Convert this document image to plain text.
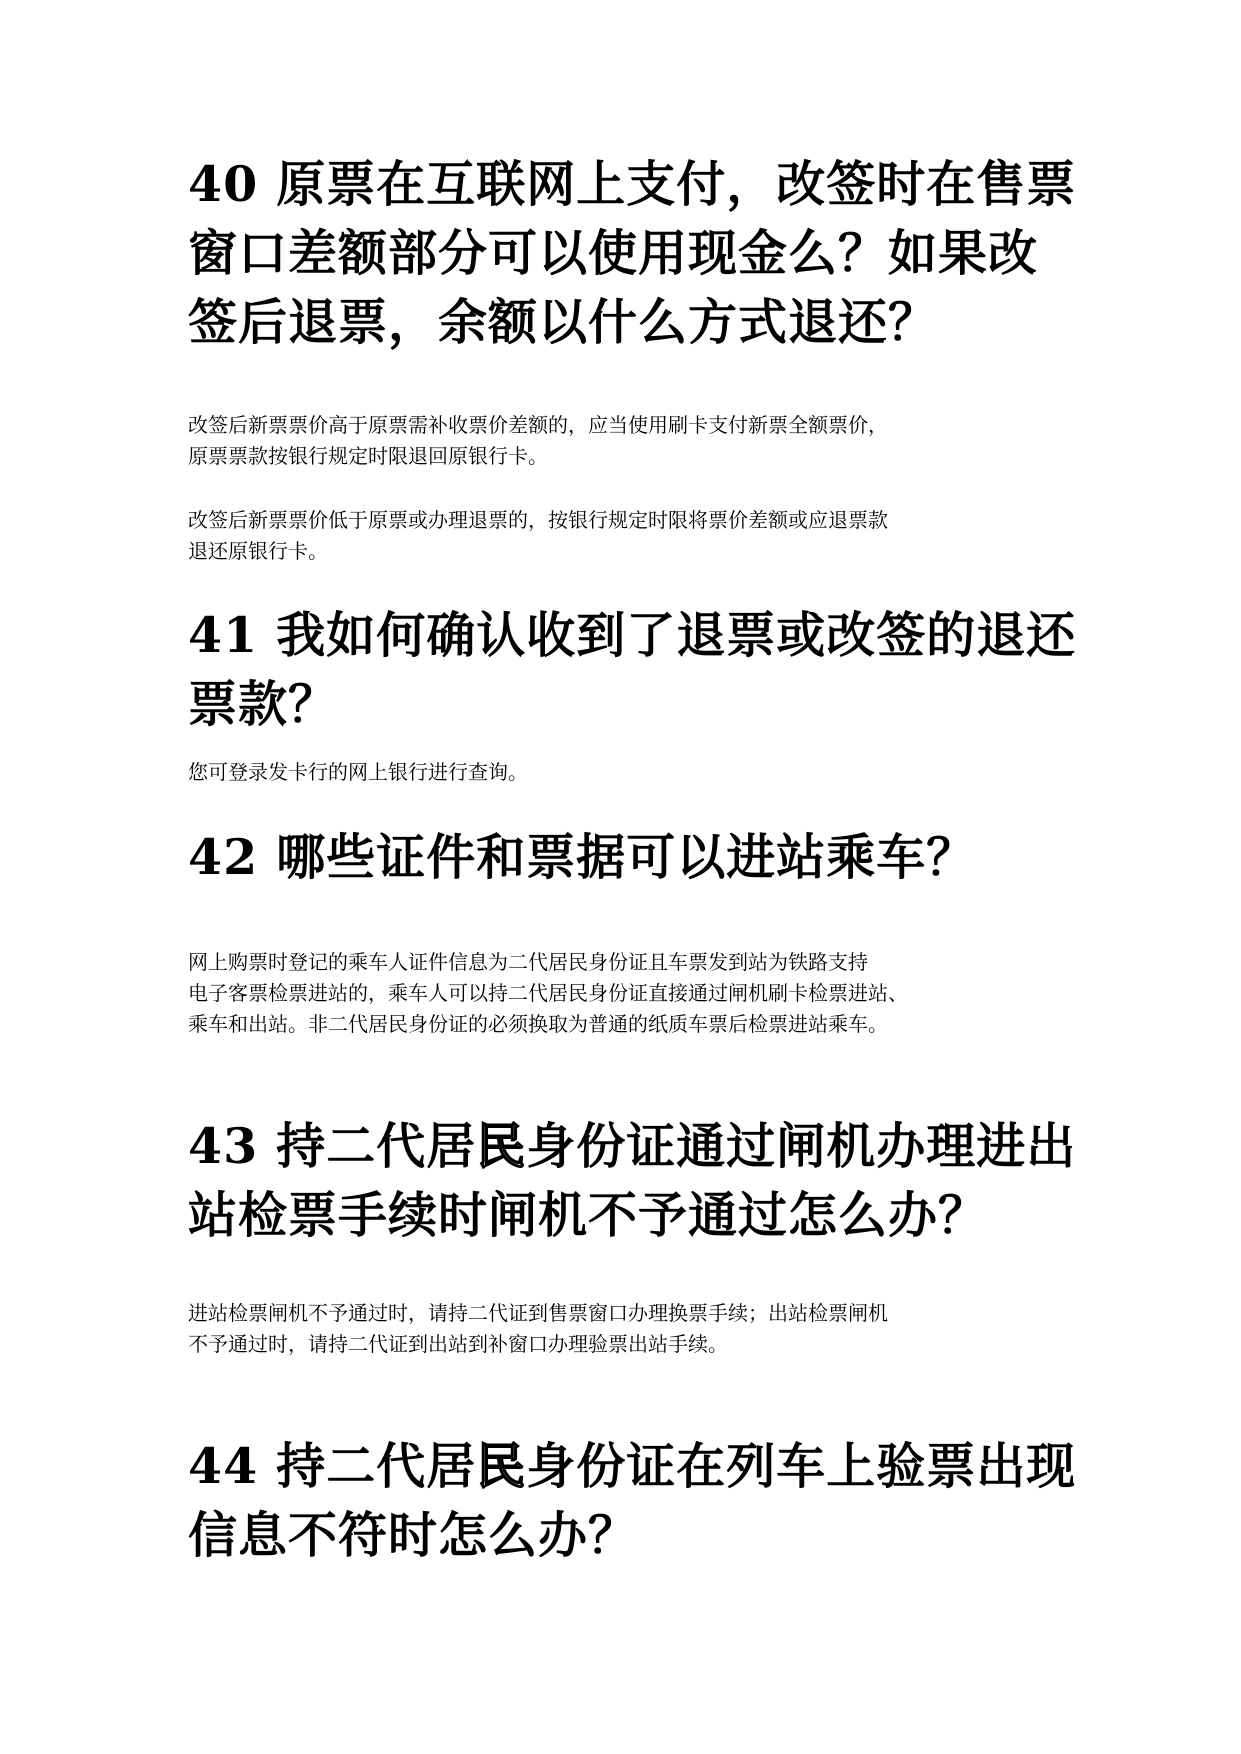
40 原票在互联网上支付，改签时在售票
窗口差额部分可以使用现金么？如果改
签后退票，余额以什么方式退还？

改签后新票票价高于原票需补收票价差额的，应当使用刷卡支付新票全额票价，
原票票款按银行规定时限退回原银行卡。

改签后新票票价低于原票或办理退票的，按银行规定时限将票价差额或应退票款
退还原银行卡。

41 我如何确认收到了退票或改签的退还
票款？

您可登录发卡行的网上银行进行查询。

42 哪些证件和票据可以进站乘车？

网上购票时登记的乘车人证件信息为二代居民身份证且车票发到站为铁路支持
电子客票检票进站的，乘车人可以持二代居民身份证直接通过闸机刷卡检票进站、
乘车和出站。非二代居民身份证的必须换取为普通的纸质车票后检票进站乘车。

43 持二代居民身份证通过闸机办理进出
站检票手续时闸机不予通过怎么办？

进站检票闸机不予通过时，请持二代证到售票窗口办理换票手续；出站检票闸机
不予通过时，请持二代证到出站到补窗口办理验票出站手续。

44 持二代居民身份证在列车上验票出现
信息不符时怎么办？
